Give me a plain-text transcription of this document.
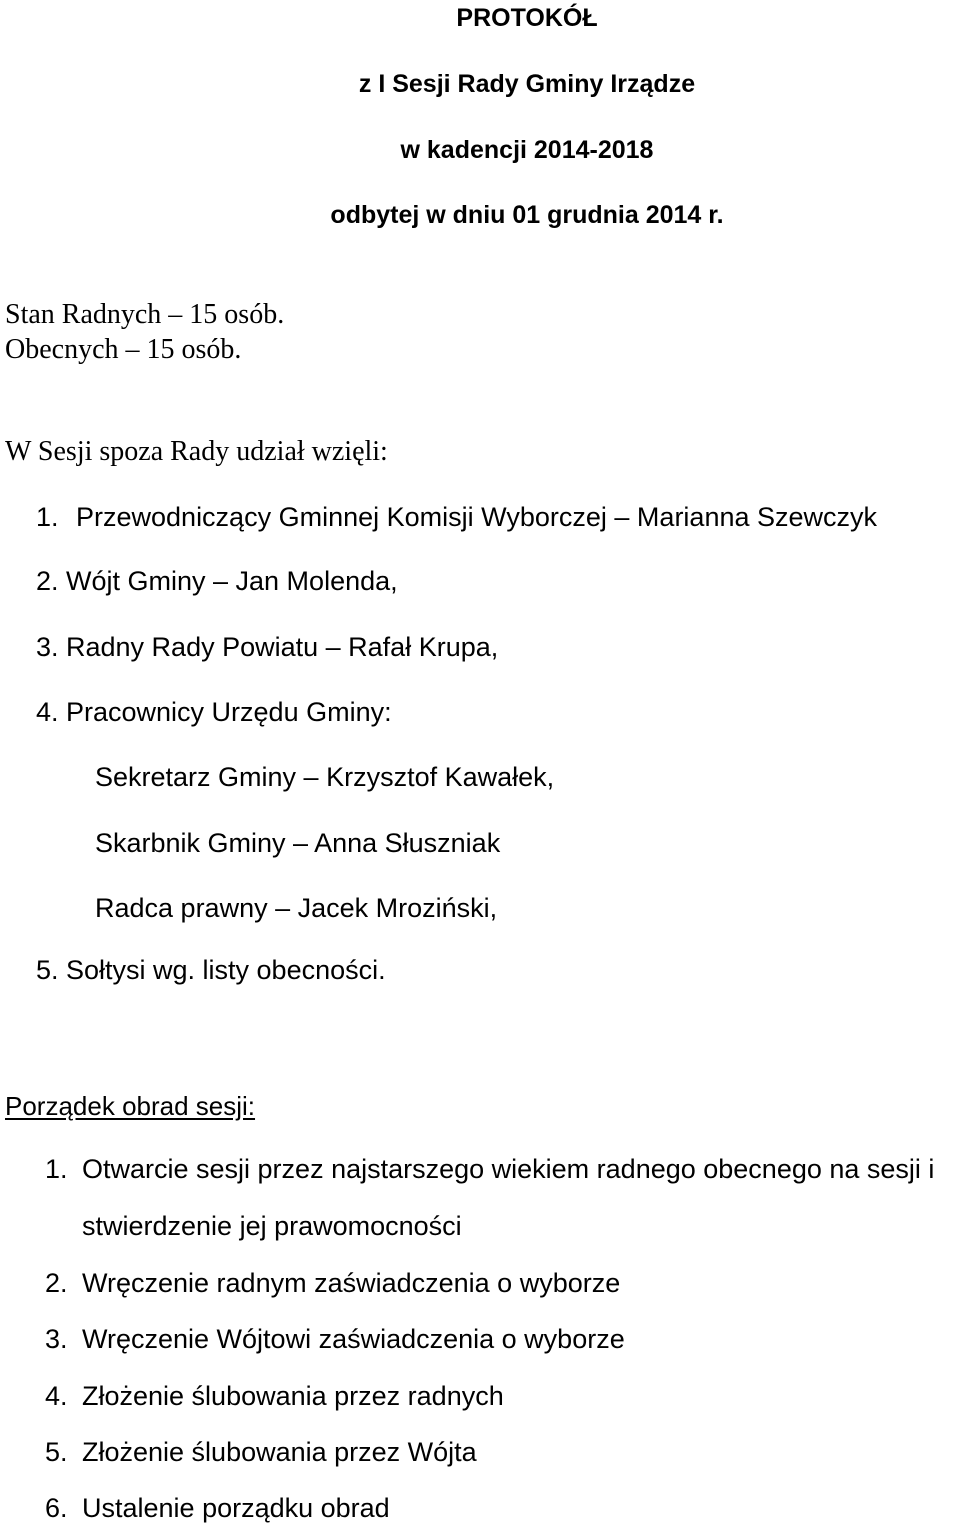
PROTOKÓŁ
z I Sesji Rady Gminy Irządze
w kadencji 2014-2018
odbytej w dniu 01 grudnia 2014 r.
Stan Radnych – 15 osób.
Obecnych – 15 osób.
W Sesji spoza Rady udział wzięli:
1. Przewodniczący Gminnej Komisji Wyborczej – Marianna Szewczyk
2. Wójt Gminy – Jan Molenda,
3. Radny Rady Powiatu – Rafał Krupa,
4. Pracownicy Urzędu Gminy:
Sekretarz Gminy – Krzysztof Kawałek,
Skarbnik Gminy – Anna Słuszniak
Radca prawny – Jacek Mroziński,
5. Sołtysi wg. listy obecności.
Porządek obrad sesji:
1. Otwarcie sesji przez najstarszego wiekiem radnego obecnego na sesji i
stwierdzenie jej prawomocności
2. Wręczenie radnym zaświadczenia o wyborze
3. Wręczenie Wójtowi zaświadczenia o wyborze
4. Złożenie ślubowania przez radnych
5. Złożenie ślubowania przez Wójta
6. Ustalenie porządku obrad
